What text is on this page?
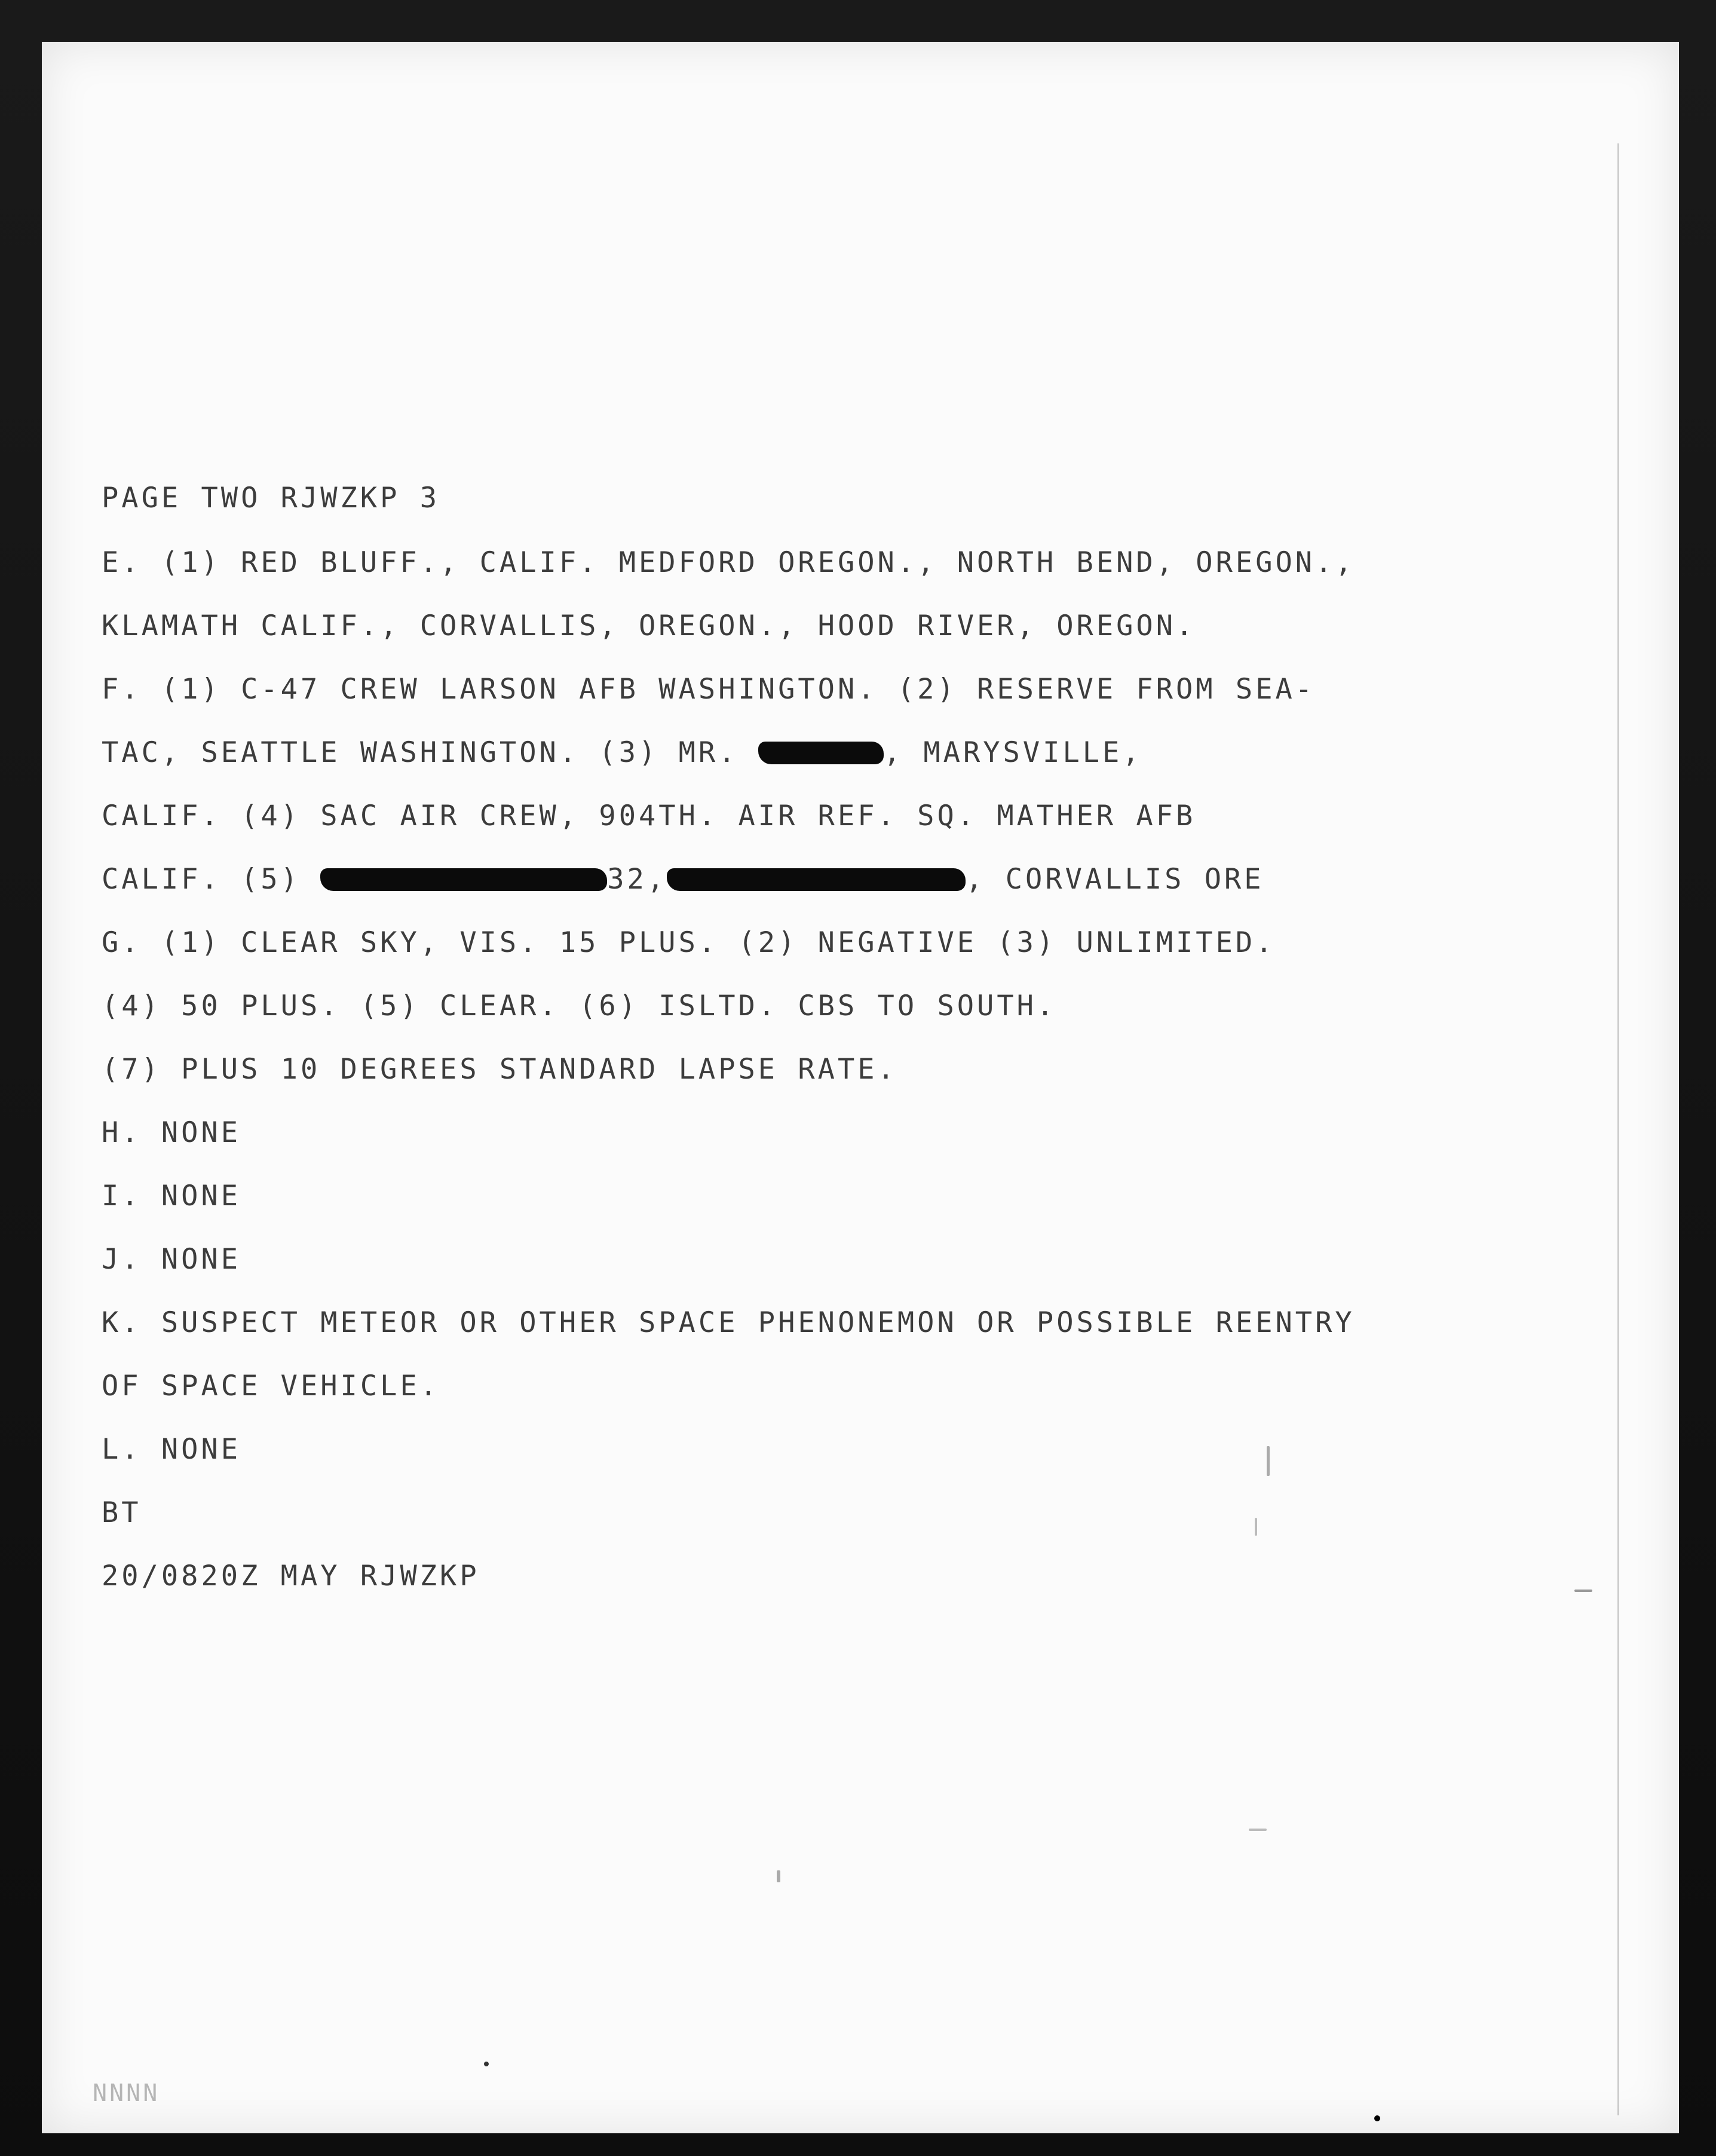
PAGE TWO RJWZKP 3
E. (1) RED BLUFF., CALIF. MEDFORD OREGON., NORTH BEND, OREGON.,
KLAMATH CALIF., CORVALLIS, OREGON., HOOD RIVER, OREGON.
F. (1) C-47 CREW LARSON AFB WASHINGTON. (2) RESERVE FROM SEA-
TAC, SEATTLE WASHINGTON. (3) MR.	, MARYSVILLE,
CALIF. (4) SAC AIR CREW, 904TH. AIR REF. SQ. MATHER AFB
CALIF. (5)	32,	, CORVALLIS ORE
G. (1) CLEAR SKY, VIS. 15 PLUS. (2) NEGATIVE (3) UNLIMITED.
(4) 50 PLUS. (5) CLEAR. (6) ISLTD. CBS TO SOUTH.
(7) PLUS 10 DEGREES STANDARD LAPSE RATE.
H. NONE
I. NONE
J. NONE
K. SUSPECT METEOR OR OTHER SPACE PHENONEMON OR POSSIBLE REENTRY
OF SPACE VEHICLE.
L. NONE
BT
20/0820Z MAY RJWZKP
NNNN
